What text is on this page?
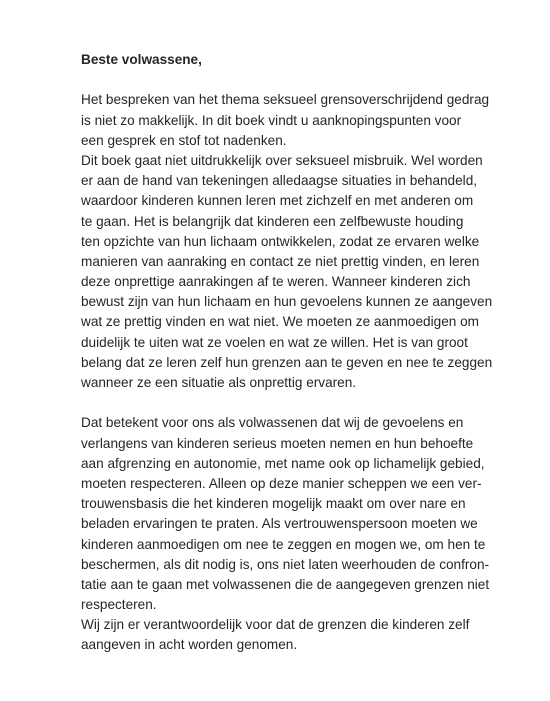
Beste volwassene,

Het bespreken van het thema seksueel grensoverschrijdend gedrag
is niet zo makkelijk. In dit boek vindt u aanknopingspunten voor
een gesprek en stof tot nadenken.
Dit boek gaat niet uitdrukkelijk over seksueel misbruik. Wel worden
er aan de hand van tekeningen alledaagse situaties in behandeld,
waardoor kinderen kunnen leren met zichzelf en met anderen om
te gaan. Het is belangrijk dat kinderen een zelfbewuste houding
ten opzichte van hun lichaam ontwikkelen, zodat ze ervaren welke
manieren van aanraking en contact ze niet prettig vinden, en leren
deze onprettige aanrakingen af te weren. Wanneer kinderen zich
bewust zijn van hun lichaam en hun gevoelens kunnen ze aangeven
wat ze prettig vinden en wat niet. We moeten ze aanmoedigen om
duidelijk te uiten wat ze voelen en wat ze willen. Het is van groot
belang dat ze leren zelf hun grenzen aan te geven en nee te zeggen
wanneer ze een situatie als onprettig ervaren.
Dat betekent voor ons als volwassenen dat wij de gevoelens en
verlangens van kinderen serieus moeten nemen en hun behoefte
aan afgrenzing en autonomie, met name ook op lichamelijk gebied,
moeten respecteren. Alleen op deze manier scheppen we een ver-
trouwensbasis die het kinderen mogelijk maakt om over nare en
beladen ervaringen te praten. Als vertrouwenspersoon moeten we
kinderen aanmoedigen om nee te zeggen en mogen we, om hen te
beschermen, als dit nodig is, ons niet laten weerhouden de confron-
tatie aan te gaan met volwassenen die de aangegeven grenzen niet
respecteren.
Wij zijn er verantwoordelijk voor dat de grenzen die kinderen zelf
aangeven in acht worden genomen.
